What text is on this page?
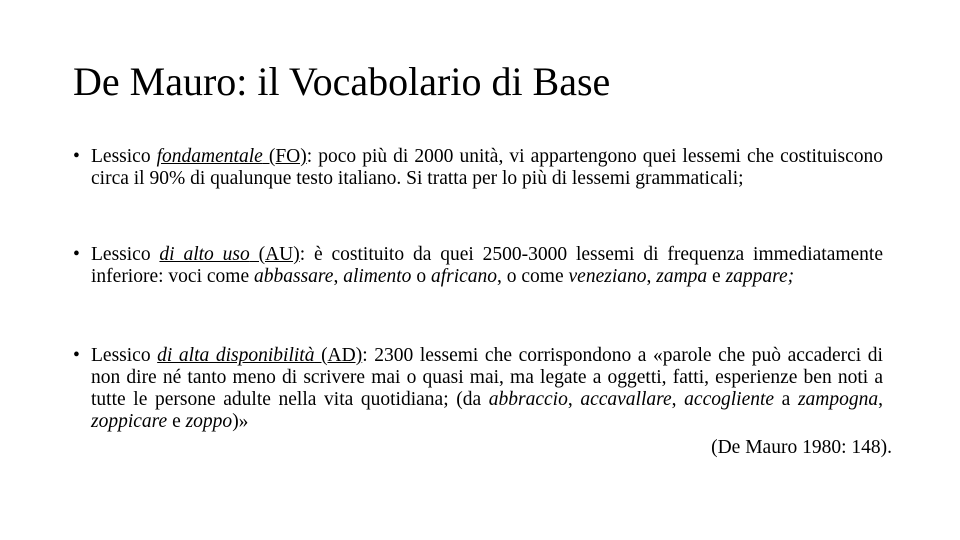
De Mauro: il Vocabolario di Base
• Lessico fondamentale (FO): poco più di 2000 unità, vi appartengono quei lessemi che costituiscono circa il 90% di qualunque testo italiano. Si tratta per lo più di lessemi grammaticali;
• Lessico di alto uso (AU): è costituito da quei 2500-3000 lessemi di frequenza immediatamente inferiore: voci come abbassare, alimento o africano, o come veneziano, zampa e zappare;
• Lessico di alta disponibilità (AD): 2300 lessemi che corrispondono a «parole che può accaderci di non dire né tanto meno di scrivere mai o quasi mai, ma legate a oggetti, fatti, esperienze ben noti a tutte le persone adulte nella vita quotidiana; (da abbraccio, accavallare, accogliente a zampogna, zoppicare e zoppo)»
(De Mauro 1980: 148).
